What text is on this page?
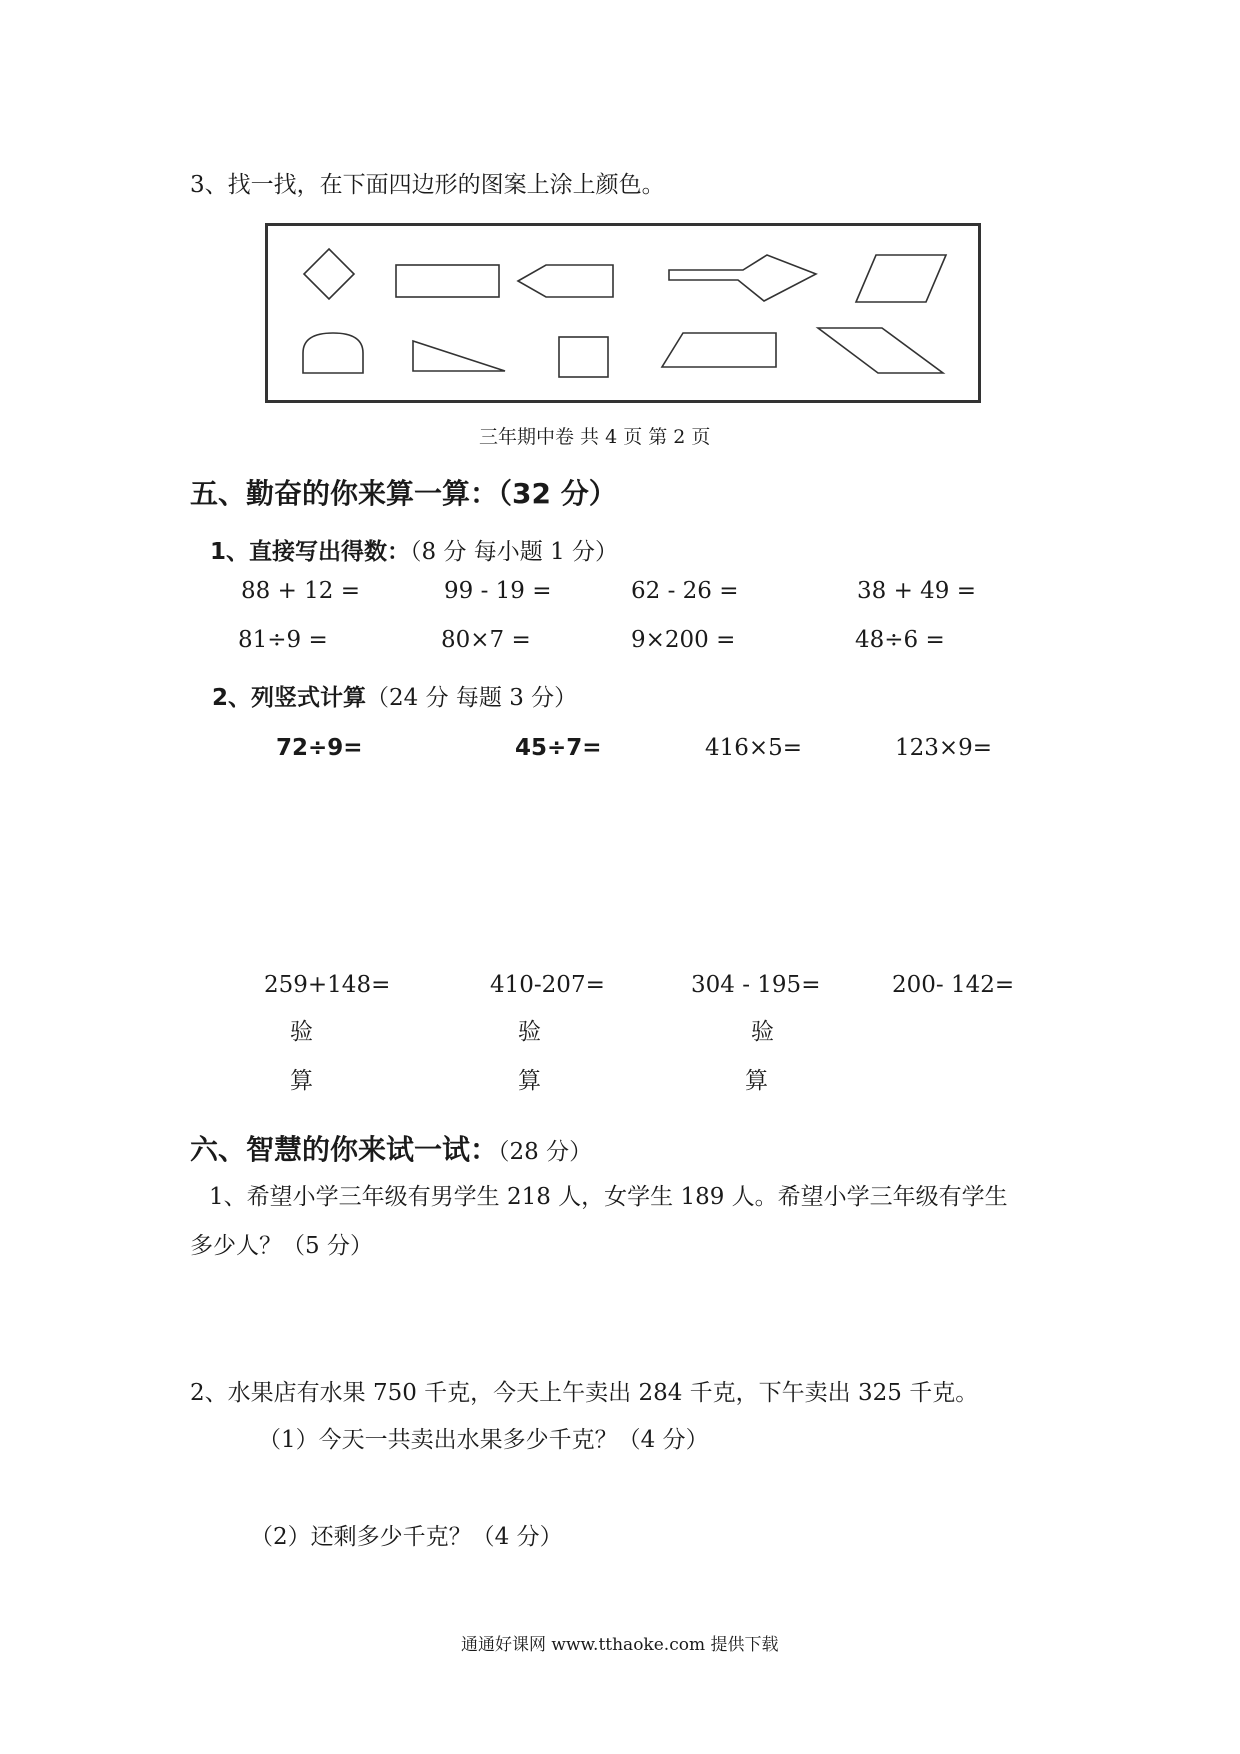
3、找一找，在下面四边形的图案上涂上颜色。
三年期中卷 共 4 页 第 2 页
五、勤奋的你来算一算：（32 分）
1、直接写出得数：（8 分 每小题 1 分）
88 + 12 =	99 - 19 =	62 - 26 =	38 + 49 =
81÷9 =	80×7 =	9×200 =	48÷6 =
2、列竖式计算（24 分 每题 3 分）
72÷9=	45÷7=	416×5=	123×9=
259+148=	410-207=	304 - 195=	200- 142=
验	验	验
算	算	算
六、智慧的你来试一试：（28 分）
1、希望小学三年级有男学生 218 人，女学生 189 人。希望小学三年级有学生
多少人？（5 分）
2、水果店有水果 750 千克，今天上午卖出 284 千克，下午卖出 325 千克。
（1）今天一共卖出水果多少千克？（4 分）
（2）还剩多少千克？（4 分）
通通好课网 www.tthaoke.com 提供下载
